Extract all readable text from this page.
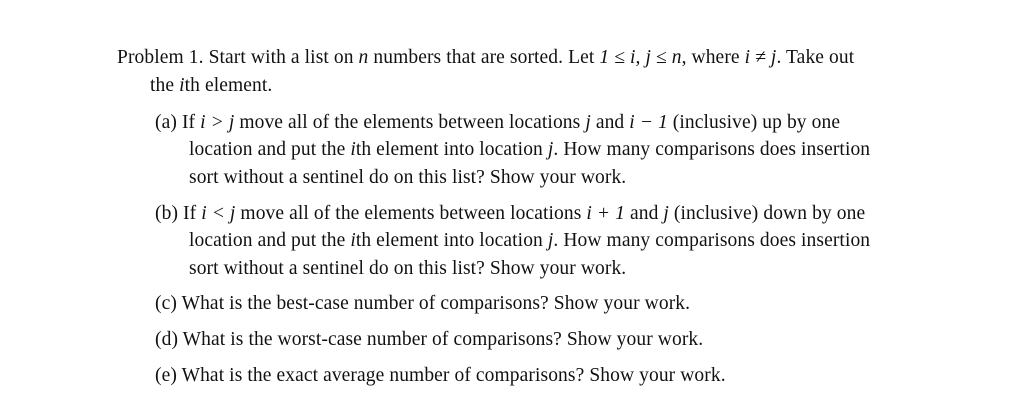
Problem 1. Start with a list on n numbers that are sorted. Let 1 ≤ i, j ≤ n, where i ≠ j. Take out
the ith element.
(a) If i > j move all of the elements between locations j and i − 1 (inclusive) up by one
location and put the ith element into location j. How many comparisons does insertion
sort without a sentinel do on this list? Show your work.
(b) If i < j move all of the elements between locations i + 1 and j (inclusive) down by one
location and put the ith element into location j. How many comparisons does insertion
sort without a sentinel do on this list? Show your work.
(c) What is the best-case number of comparisons? Show your work.
(d) What is the worst-case number of comparisons? Show your work.
(e) What is the exact average number of comparisons? Show your work.
